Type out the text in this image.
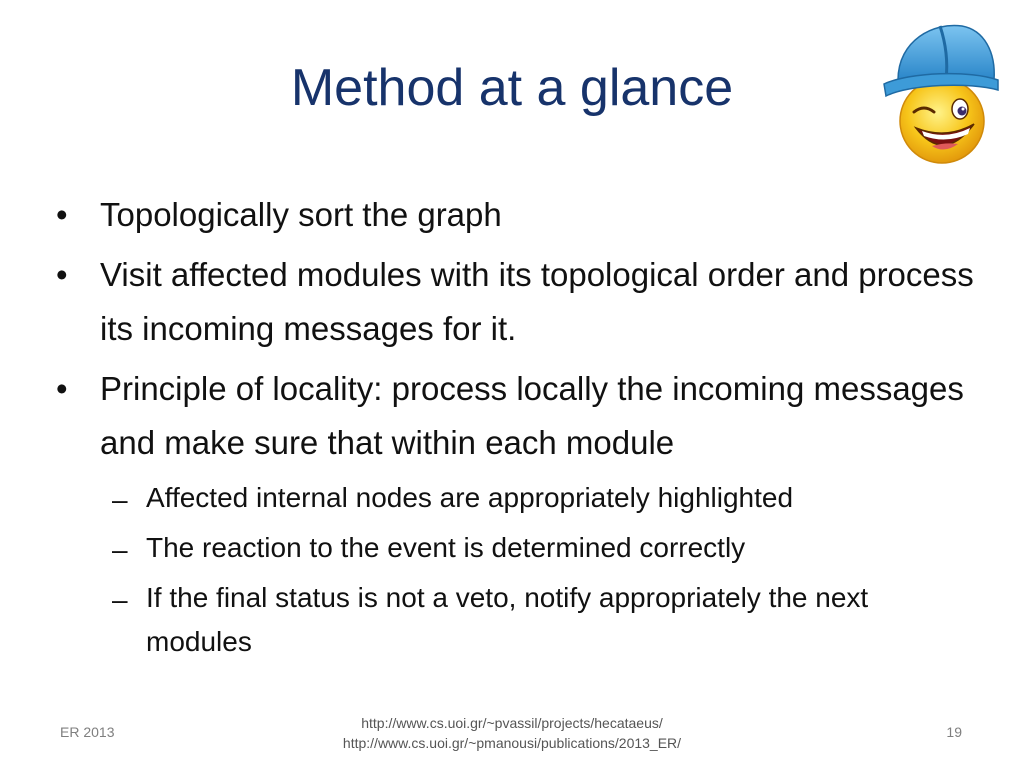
Method at a glance
• Topologically sort the graph
• Visit affected modules with its topological order and process its incoming messages for it.
• Principle of locality: process locally the incoming messages and make sure that within each module
– Affected internal nodes are appropriately highlighted
– The reaction to the event is determined correctly
– If the final status is not a veto, notify appropriately the next modules
ER 2013
http://www.cs.uoi.gr/~pvassil/projects/hecataeus/
http://www.cs.uoi.gr/~pmanousi/publications/2013_ER/
19
